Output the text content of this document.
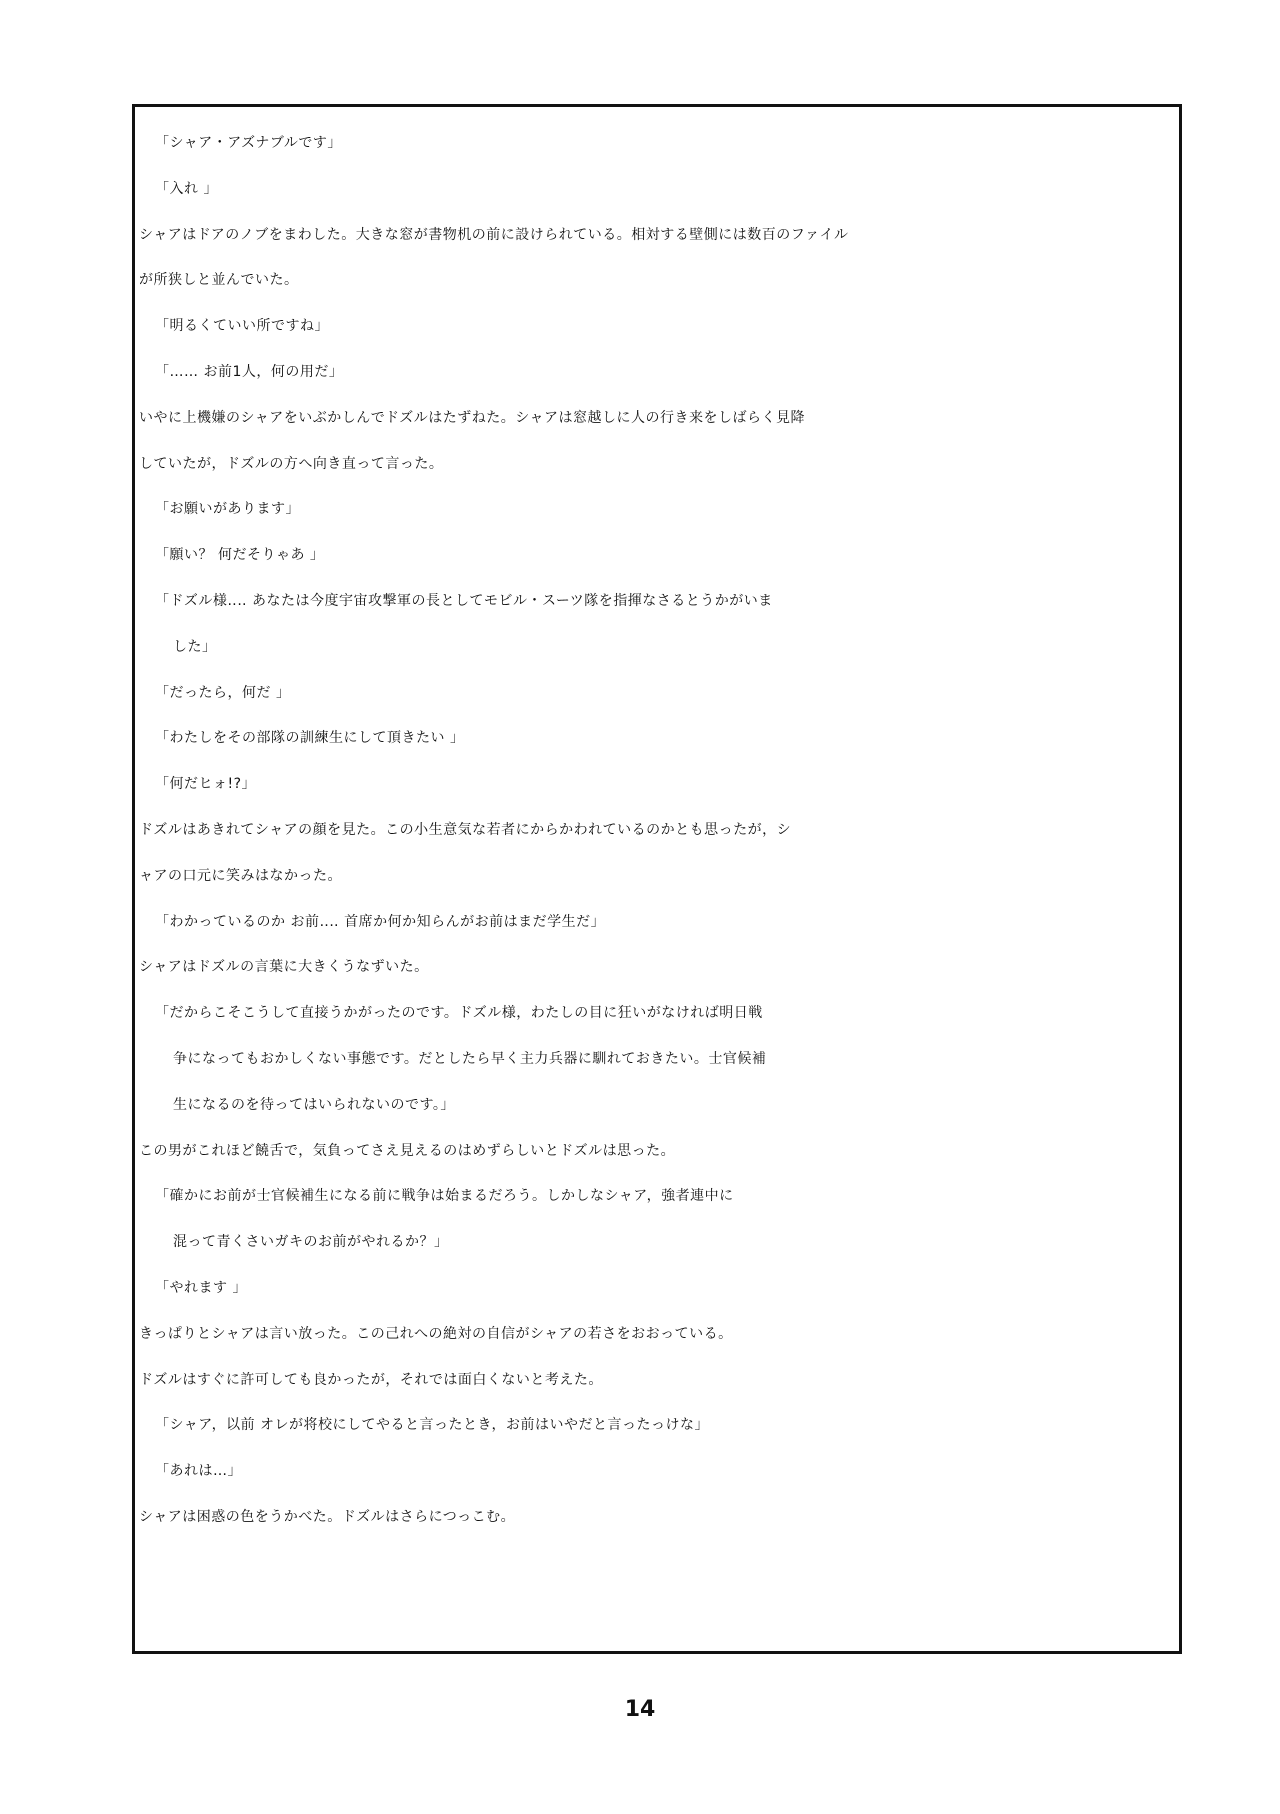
「シャア・アズナブルです」
「入れ 」
シャアはドアのノブをまわした。大きな窓が書物机の前に設けられている。相対する壁側には数百のファイル
が所狭しと並んでいた。
「明るくていい所ですね」
「…… お前1人，何の用だ」
いやに上機嫌のシャアをいぶかしんでドズルはたずねた。シャアは窓越しに人の行き来をしばらく見降
していたが，ドズルの方へ向き直って言った。
「お願いがあります」
「願い？ 何だそりゃあ 」
「ドズル様‥‥ あなたは今度宇宙攻撃軍の長としてモビル・スーツ隊を指揮なさるとうかがいま
した」
「だったら，何だ 」
「わたしをその部隊の訓練生にして頂きたい 」
「何だヒォ!?」
ドズルはあきれてシャアの顔を見た。この小生意気な若者にからかわれているのかとも思ったが，シ
ャアの口元に笑みはなかった。
「わかっているのか お前‥‥ 首席か何か知らんがお前はまだ学生だ」
シャアはドズルの言葉に大きくうなずいた。
「だからこそこうして直接うかがったのです。ドズル様，わたしの目に狂いがなければ明日戦
争になってもおかしくない事態です。だとしたら早く主力兵器に馴れておきたい。士官候補
生になるのを待ってはいられないのです。」
この男がこれほど饒舌で，気負ってさえ見えるのはめずらしいとドズルは思った。
「確かにお前が士官候補生になる前に戦争は始まるだろう。しかしなシャア，強者連中に
混って青くさいガキのお前がやれるか？」
「やれます 」
きっぱりとシャアは言い放った。この己れへの絶対の自信がシャアの若さをおおっている。
ドズルはすぐに許可しても良かったが，それでは面白くないと考えた。
「シャア，以前 オレが将校にしてやると言ったとき，お前はいやだと言ったっけな」
「あれは…」
シャアは困惑の色をうかべた。ドズルはさらにつっこむ。
14
